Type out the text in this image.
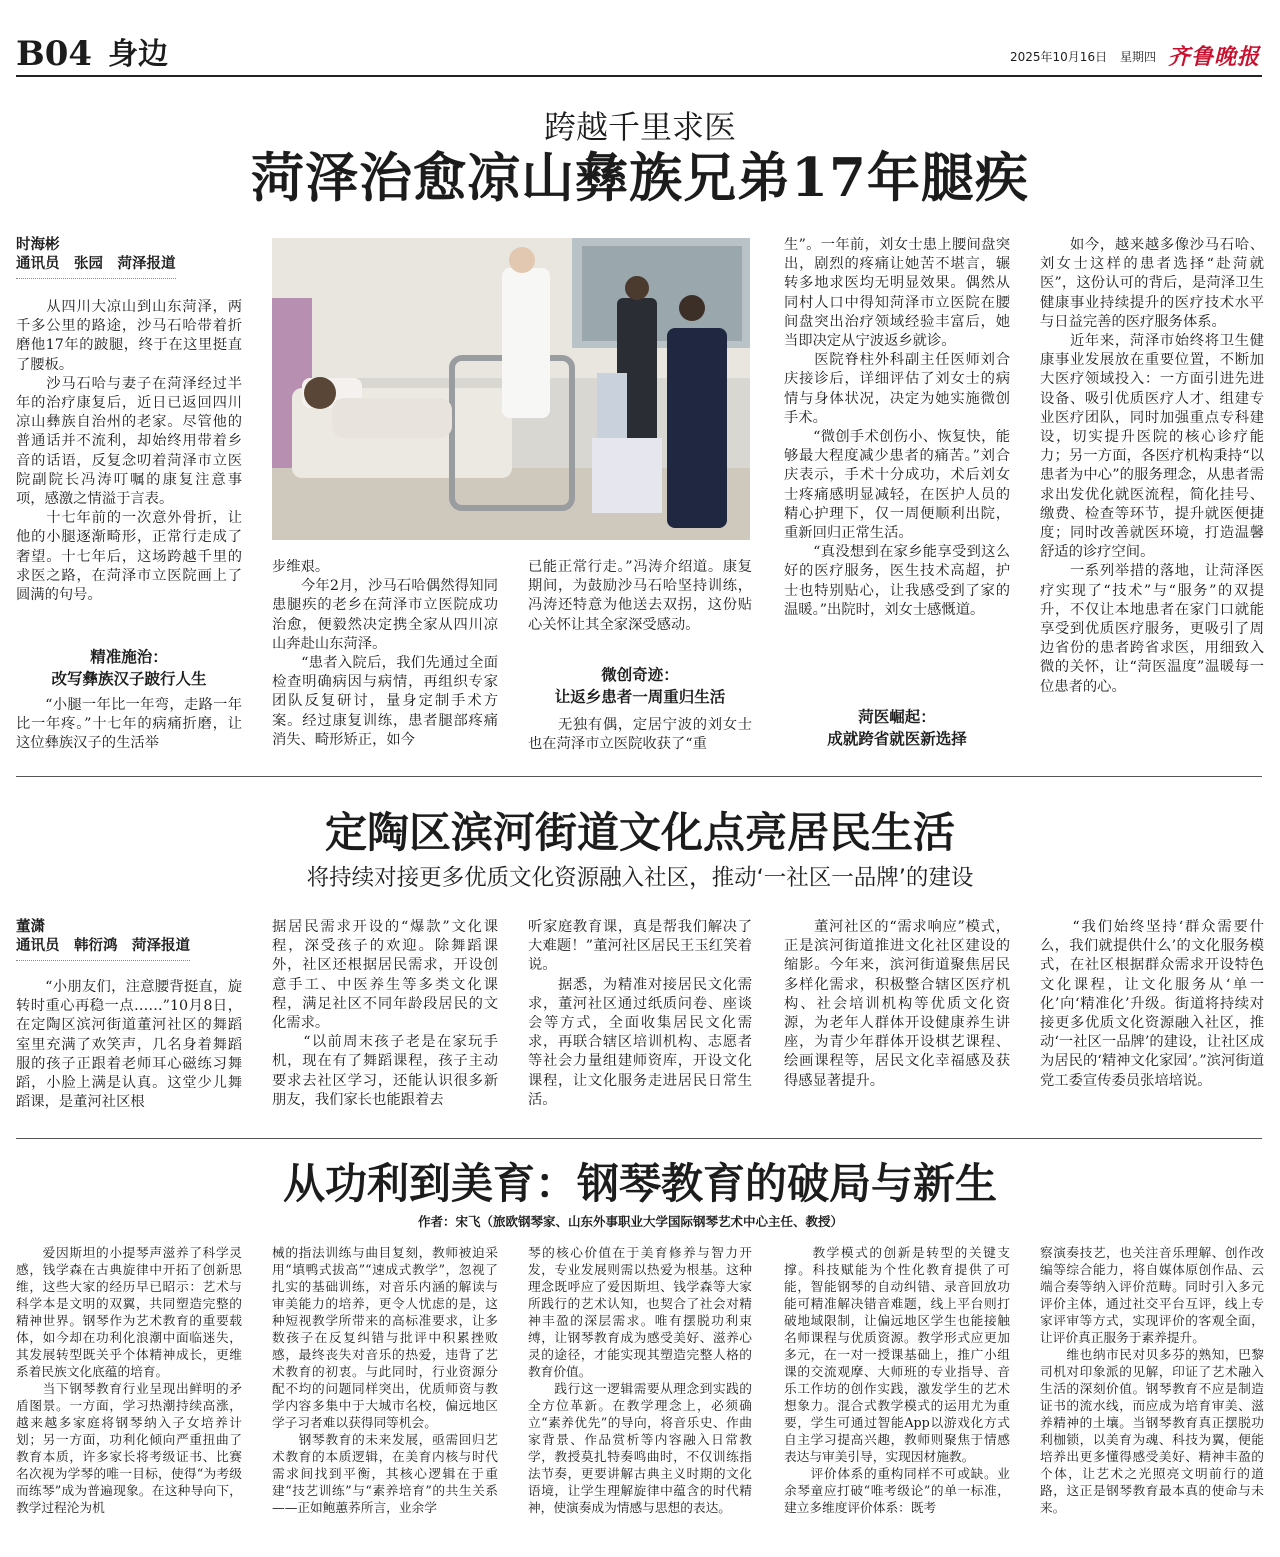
B04 身边	2025年10月16日 星期四 齐鲁晚报
跨越千里求医
菏泽治愈凉山彝族兄弟17年腿疾
时海彬
通讯员　张园　菏泽报道

　　从四川大凉山到山东菏泽，两千多公里的路途，沙马石哈带着折磨他17年的跛腿，终于在这里挺直了腰板。
　　沙马石哈与妻子在菏泽经过半年的治疗康复后，近日已返回四川凉山彝族自治州的老家。尽管他的普通话并不流利，却始终用带着乡音的话语，反复念叨着菏泽市立医院副院长冯涛叮嘱的康复注意事项，感激之情溢于言表。
　　十七年前的一次意外骨折，让他的小腿逐渐畸形，正常行走成了奢望。十七年后，这场跨越千里的求医之路，在菏泽市立医院画上了圆满的句号。

精准施治：
改写彝族汉子跛行人生

　　“小腿一年比一年弯，走路一年比一年疼。”十七年的病痛折磨，让这位彝族汉子的生活举

步维艰。
　　今年2月，沙马石哈偶然得知同患腿疾的老乡在菏泽市立医院成功治愈，便毅然决定携全家从四川凉山奔赴山东菏泽。
　　“患者入院后，我们先通过全面检查明确病因与病情，再组织专家团队反复研讨，量身定制手术方案。经过康复训练，患者腿部疼痛消失、畸形矫正，如今

已能正常行走。”冯涛介绍道。康复期间，为鼓励沙马石哈坚持训练，冯涛还特意为他送去双拐，这份贴心关怀让其全家深受感动。

微创奇迹：
让返乡患者一周重归生活

　　无独有偶，定居宁波的刘女士也在菏泽市立医院收获了“重

生”。一年前，刘女士患上腰间盘突出，剧烈的疼痛让她苦不堪言，辗转多地求医均无明显效果。偶然从同村人口中得知菏泽市立医院在腰间盘突出治疗领域经验丰富后，她当即决定从宁波返乡就诊。
　　医院脊柱外科副主任医师刘合庆接诊后，详细评估了刘女士的病情与身体状况，决定为她实施微创手术。
　　“微创手术创伤小、恢复快，能够最大程度减少患者的痛苦。”刘合庆表示，手术十分成功，术后刘女士疼痛感明显减轻，在医护人员的精心护理下，仅一周便顺利出院，重新回归正常生活。
　　“真没想到在家乡能享受到这么好的医疗服务，医生技术高超，护士也特别贴心，让我感受到了家的温暖。”出院时，刘女士感慨道。

菏医崛起：
成就跨省就医新选择

　　如今，越来越多像沙马石哈、刘女士这样的患者选择“赴菏就医”，这份认可的背后，是菏泽卫生健康事业持续提升的医疗技术水平与日益完善的医疗服务体系。
　　近年来，菏泽市始终将卫生健康事业发展放在重要位置，不断加大医疗领域投入：一方面引进先进设备、吸引优质医疗人才、组建专业医疗团队，同时加强重点专科建设，切实提升医院的核心诊疗能力；另一方面，各医疗机构秉持“以患者为中心”的服务理念，从患者需求出发优化就医流程，简化挂号、缴费、检查等环节，提升就医便捷度；同时改善就医环境，打造温馨舒适的诊疗空间。
　　一系列举措的落地，让菏泽医疗实现了“技术”与“服务”的双提升，不仅让本地患者在家门口就能享受到优质医疗服务，更吸引了周边省份的患者跨省求医，用细致入微的关怀，让“菏医温度”温暖每一位患者的心。

定陶区滨河街道文化点亮居民生活
将持续对接更多优质文化资源融入社区，推动‘一社区一品牌’的建设
董潇
通讯员　韩衍鸿　菏泽报道

　　“小朋友们，注意腰背挺直，旋转时重心再稳一点……”10月8日，在定陶区滨河街道董河社区的舞蹈室里充满了欢笑声，几名身着舞蹈服的孩子正跟着老师耳心磁练习舞蹈，小脸上满是认真。这堂少儿舞蹈课，是董河社区根

据居民需求开设的“爆款”文化课程，深受孩子的欢迎。除舞蹈课外，社区还根据居民需求，开设创意手工、中医养生等多类文化课程，满足社区不同年龄段居民的文化需求。
　　“以前周末孩子老是在家玩手机，现在有了舞蹈课程，孩子主动要求去社区学习，还能认识很多新朋友，我们家长也能跟着去

听家庭教育课，真是帮我们解决了大难题！”董河社区居民王玉红笑着说。
　　据悉，为精准对接居民文化需求，董河社区通过纸质问卷、座谈会等方式，全面收集居民文化需求，再联合辖区培训机构、志愿者等社会力量组建师资库，开设文化课程，让文化服务走进居民日常生活。

　　董河社区的“需求响应”模式，正是滨河街道推进文化社区建设的缩影。今年来，滨河街道聚焦居民多样化需求，积极整合辖区医疗机构、社会培训机构等优质文化资源，为老年人群体开设健康养生讲座，为青少年群体开设棋艺课程、绘画课程等，居民文化幸福感及获得感显著提升。

　　“我们始终坚持‘群众需要什么，我们就提供什么’的文化服务模式，在社区根据群众需求开设特色文化课程，让文化服务从‘单一化’向‘精准化’升级。街道将持续对接更多优质文化资源融入社区，推动‘一社区一品牌’的建设，让社区成为居民的‘精神文化家园’。”滨河街道党工委宣传委员张培培说。

从功利到美育：钢琴教育的破局与新生
作者：宋飞（旅欧钢琴家、山东外事职业大学国际钢琴艺术中心主任、教授）

　　爱因斯坦的小提琴声滋养了科学灵感，钱学森在古典旋律中开拓了创新思维，这些大家的经历早已昭示：艺术与科学本是文明的双翼，共同塑造完整的精神世界。钢琴作为艺术教育的重要载体，如今却在功利化浪潮中面临迷失，其发展转型既关乎个体精神成长，更维系着民族文化底蕴的培育。
　　当下钢琴教育行业呈现出鲜明的矛盾图景。一方面，学习热潮持续高涨，越来越多家庭将钢琴纳入子女培养计划；另一方面，功利化倾向严重扭曲了教育本质，许多家长将考级证书、比赛名次视为学琴的唯一目标，使得“为考级而练琴”成为普遍现象。在这种导向下，教学过程沦为机

械的指法训练与曲目复刻，教师被迫采用“填鸭式拔高”“速成式教学”，忽视了扎实的基础训练，对音乐内涵的解读与审美能力的培养，更令人忧虑的是，这种短视教学所带来的高标准要求，让多数孩子在反复纠错与批评中积累挫败感，最终丧失对音乐的热爱，违背了艺术教育的初衷。与此同时，行业资源分配不均的问题同样突出，优质师资与教学内容多集中于大城市名校，偏远地区学子习者难以获得同等机会。
　　钢琴教育的未来发展，亟需回归艺术教育的本质逻辑，在美育内核与时代需求间找到平衡，其核心逻辑在于重建“技艺训练”与“素养培育”的共生关系——正如鲍蕙荞所言，业余学

琴的核心价值在于美育修养与智力开发，专业发展则需以热爱为根基。这种理念既呼应了爱因斯坦、钱学森等大家所践行的艺术认知，也契合了社会对精神丰盈的深层需求。唯有摆脱功利束缚，让钢琴教育成为感受美好、滋养心灵的途径，才能实现其塑造完整人格的教育价值。
　　践行这一逻辑需要从理念到实践的全方位革新。在教学理念上，必须确立“素养优先”的导向，将音乐史、作曲家背景、作品赏析等内容融入日常教学，教授莫扎特奏鸣曲时，不仅训练指法节奏，更要讲解古典主义时期的文化语境，让学生理解旋律中蕴含的时代精神，使演奏成为情感与思想的表达。

　　教学模式的创新是转型的关键支撑。科技赋能为个性化教育提供了可能，智能钢琴的自动纠错、录音回放功能可精准解决错音难题，线上平台则打破地域限制，让偏远地区学生也能接触名师课程与优质资源。教学形式应更加多元，在一对一授课基础上，推广小组课的交流观摩、大师班的专业指导、音乐工作坊的创作实践，激发学生的艺术想象力。混合式教学模式的运用尤为重要，学生可通过智能App以游戏化方式自主学习提高兴趣，教师则聚焦于情感表达与审美引导，实现因材施教。
　　评价体系的重构同样不可或缺。业余琴童应打破“唯考级论”的单一标准，建立多维度评价体系：既考

察演奏技艺，也关注音乐理解、创作改编等综合能力，将自媒体原创作品、云端合奏等纳入评价范畴。同时引入多元评价主体，通过社交平台互评，线上专家评审等方式，实现评价的客观全面，让评价真正服务于素养提升。
　　维也纳市民对贝多芬的熟知，巴黎司机对印象派的见解，印证了艺术融入生活的深刻价值。钢琴教育不应是制造证书的流水线，而应成为培育审美、滋养精神的土壤。当钢琴教育真正摆脱功利枷锁，以美育为魂、科技为翼，便能培养出更多懂得感受美好、精神丰盈的个体，让艺术之光照亮文明前行的道路，这正是钢琴教育最本真的使命与未来。
